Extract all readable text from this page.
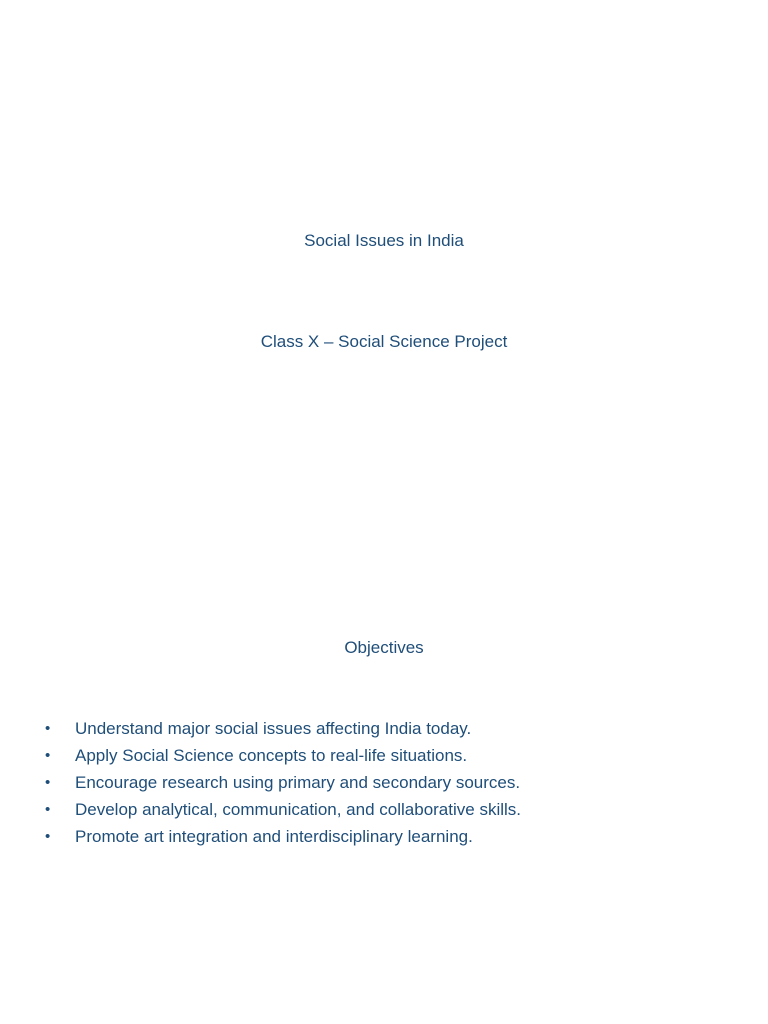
Social Issues in India
Class X – Social Science Project
Objectives
• Understand major social issues affecting India today.
• Apply Social Science concepts to real-life situations.
• Encourage research using primary and secondary sources.
• Develop analytical, communication, and collaborative skills.
• Promote art integration and interdisciplinary learning.
